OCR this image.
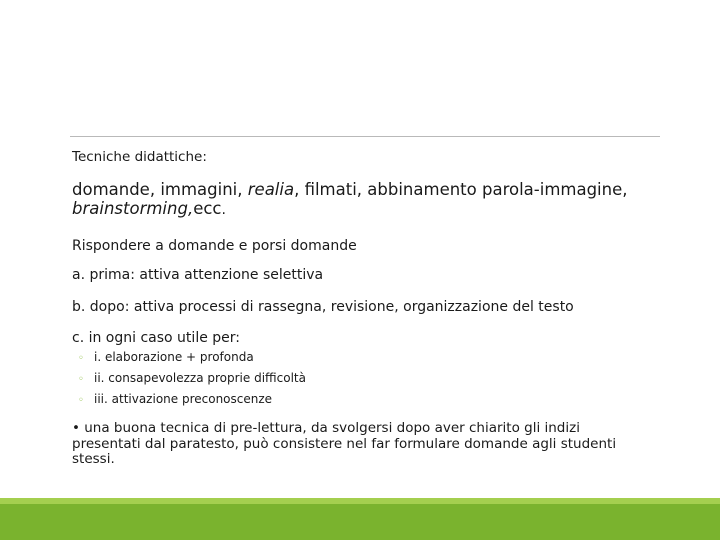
Tecniche didattiche:

domande, immagini, realia, filmati, abbinamento parola-immagine, brainstorming,ecc.

Rispondere a domande e porsi domande
a. prima: attiva attenzione selettiva
b. dopo: attiva processi di rassegna, revisione, organizzazione del testo
c. in ogni caso utile per:
◦ i. elaborazione + profonda
◦ ii. consapevolezza proprie difficoltà
◦ iii. attivazione preconoscenze

• una buona tecnica di pre-lettura, da svolgersi dopo aver chiarito gli indizi presentati dal paratesto, può consistere nel far formulare domande agli studenti stessi.
